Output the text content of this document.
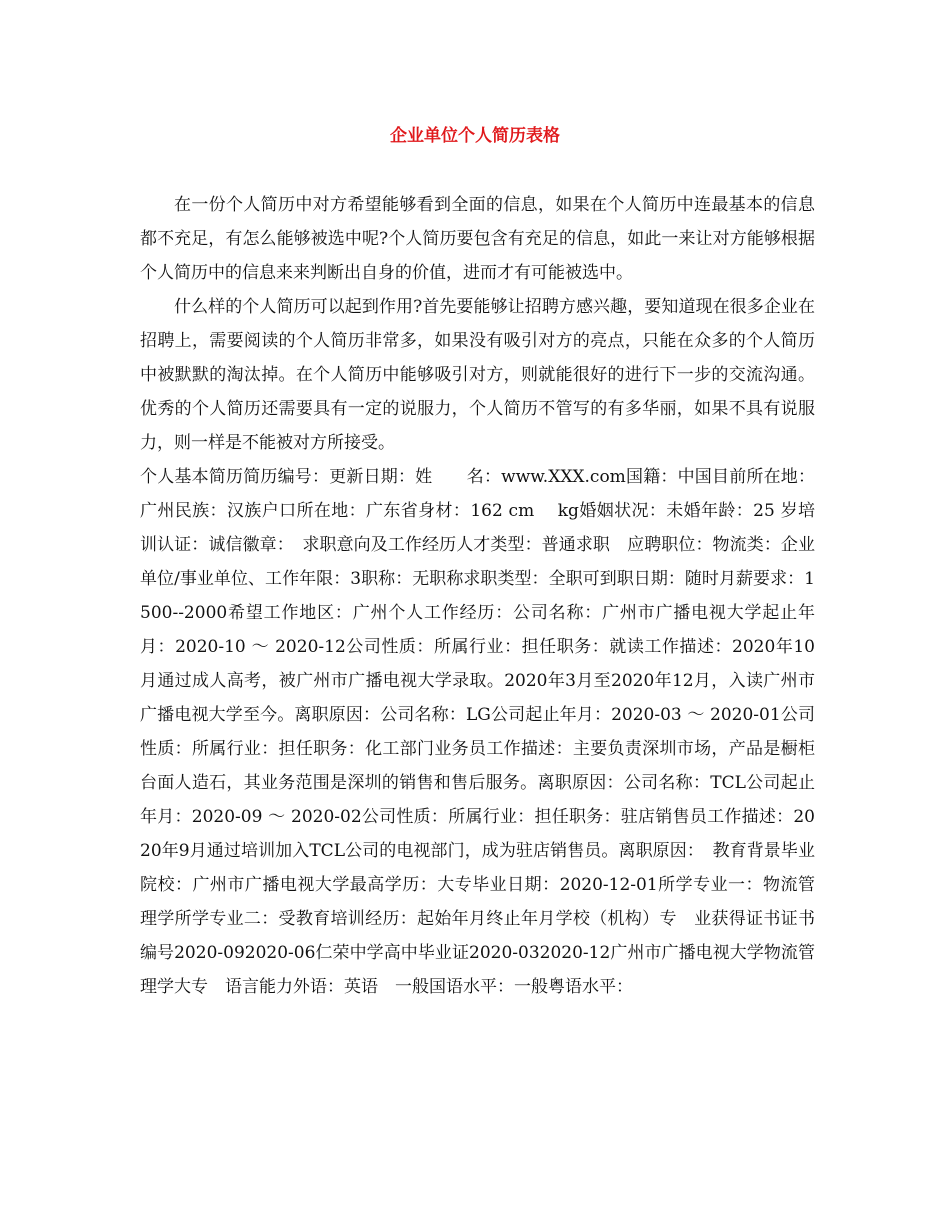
企业单位个人简历表格

在一份个人简历中对方希望能够看到全面的信息，如果在个人简历中连最基本的信息都不充足，有怎么能够被选中呢?个人简历要包含有充足的信息，如此一来让对方能够根据个人简历中的信息来来判断出自身的价值，进而才有可能被选中。

什么样的个人简历可以起到作用?首先要能够让招聘方感兴趣，要知道现在很多企业在招聘上，需要阅读的个人简历非常多，如果没有吸引对方的亮点，只能在众多的个人简历中被默默的淘汰掉。在个人简历中能够吸引对方，则就能很好的进行下一步的交流沟通。优秀的个人简历还需要具有一定的说服力，个人简历不管写的有多华丽，如果不具有说服力，则一样是不能被对方所接受。

个人基本简历简历编号：更新日期：姓　　名：www.XXX.com国籍：中国目前所在地：广州民族：汉族户口所在地：广东省身材：162 cm　 kg婚姻状况：未婚年龄：25 岁培训认证：诚信徽章：　求职意向及工作经历人才类型：普通求职　应聘职位：物流类：企业单位/事业单位、工作年限：3职称：无职称求职类型：全职可到职日期：随时月薪要求：1500--2000希望工作地区：广州个人工作经历：公司名称：广州市广播电视大学起止年月：2020-10 ～ 2020-12公司性质：所属行业：担任职务：就读工作描述：2020年10月通过成人高考，被广州市广播电视大学录取。2020年3月至2020年12月，入读广州市广播电视大学至今。离职原因：公司名称：LG公司起止年月：2020-03 ～ 2020-01公司性质：所属行业：担任职务：化工部门业务员工作描述：主要负责深圳市场，产品是橱柜台面人造石，其业务范围是深圳的销售和售后服务。离职原因：公司名称：TCL公司起止年月：2020-09 ～ 2020-02公司性质：所属行业：担任职务：驻店销售员工作描述：2020年9月通过培训加入TCL公司的电视部门，成为驻店销售员。离职原因：　教育背景毕业院校：广州市广播电视大学最高学历：大专毕业日期：2020-12-01所学专业一：物流管理学所学专业二：受教育培训经历：起始年月终止年月学校（机构）专　业获得证书证书编号2020-092020-06仁荣中学高中毕业证2020-032020-12广州市广播电视大学物流管理学大专　语言能力外语：英语　一般国语水平：一般粤语水平：
